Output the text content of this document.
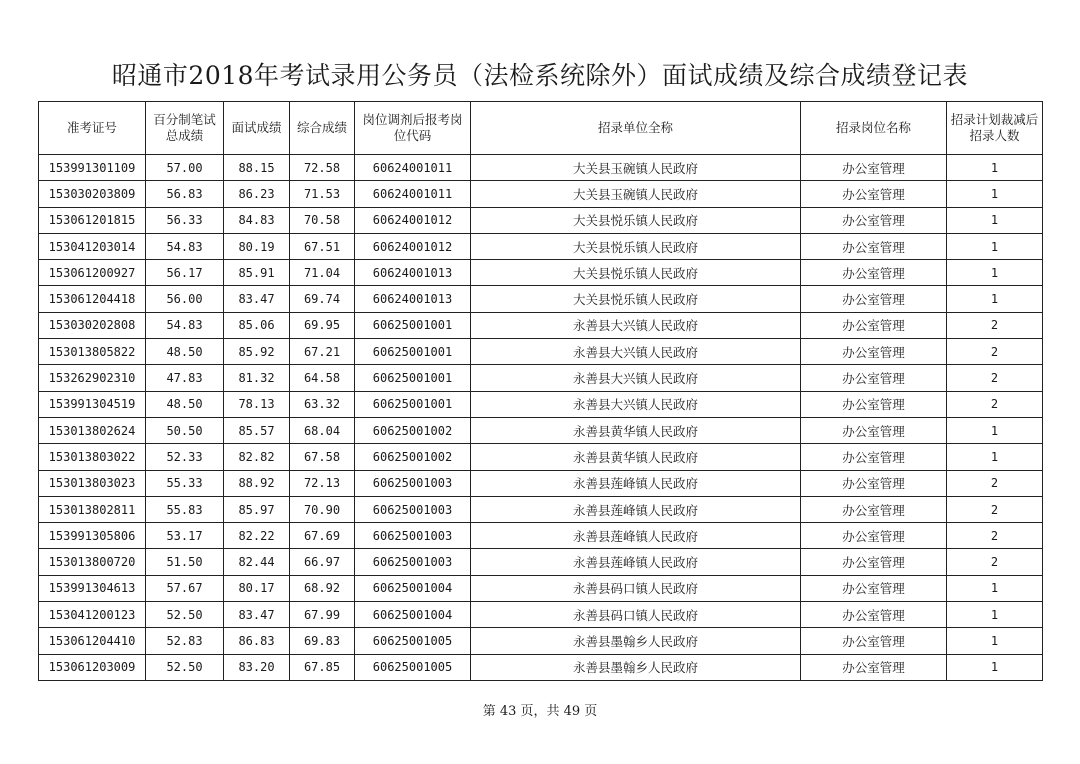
昭通市2018年考试录用公务员（法检系统除外）面试成绩及综合成绩登记表
准考证号	百分制笔试总成绩	面试成绩	综合成绩	岗位调剂后报考岗位代码	招录单位全称	招录岗位名称	招录计划裁减后招录人数
153991301109	57.00	88.15	72.58	60624001011	大关县玉碗镇人民政府	办公室管理	1
153030203809	56.83	86.23	71.53	60624001011	大关县玉碗镇人民政府	办公室管理	1
153061201815	56.33	84.83	70.58	60624001012	大关县悦乐镇人民政府	办公室管理	1
153041203014	54.83	80.19	67.51	60624001012	大关县悦乐镇人民政府	办公室管理	1
153061200927	56.17	85.91	71.04	60624001013	大关县悦乐镇人民政府	办公室管理	1
153061204418	56.00	83.47	69.74	60624001013	大关县悦乐镇人民政府	办公室管理	1
153030202808	54.83	85.06	69.95	60625001001	永善县大兴镇人民政府	办公室管理	2
153013805822	48.50	85.92	67.21	60625001001	永善县大兴镇人民政府	办公室管理	2
153262902310	47.83	81.32	64.58	60625001001	永善县大兴镇人民政府	办公室管理	2
153991304519	48.50	78.13	63.32	60625001001	永善县大兴镇人民政府	办公室管理	2
153013802624	50.50	85.57	68.04	60625001002	永善县黄华镇人民政府	办公室管理	1
153013803022	52.33	82.82	67.58	60625001002	永善县黄华镇人民政府	办公室管理	1
153013803023	55.33	88.92	72.13	60625001003	永善县莲峰镇人民政府	办公室管理	2
153013802811	55.83	85.97	70.90	60625001003	永善县莲峰镇人民政府	办公室管理	2
153991305806	53.17	82.22	67.69	60625001003	永善县莲峰镇人民政府	办公室管理	2
153013800720	51.50	82.44	66.97	60625001003	永善县莲峰镇人民政府	办公室管理	2
153991304613	57.67	80.17	68.92	60625001004	永善县码口镇人民政府	办公室管理	1
153041200123	52.50	83.47	67.99	60625001004	永善县码口镇人民政府	办公室管理	1
153061204410	52.83	86.83	69.83	60625001005	永善县墨翰乡人民政府	办公室管理	1
153061203009	52.50	83.20	67.85	60625001005	永善县墨翰乡人民政府	办公室管理	1
第 43 页，共 49 页
